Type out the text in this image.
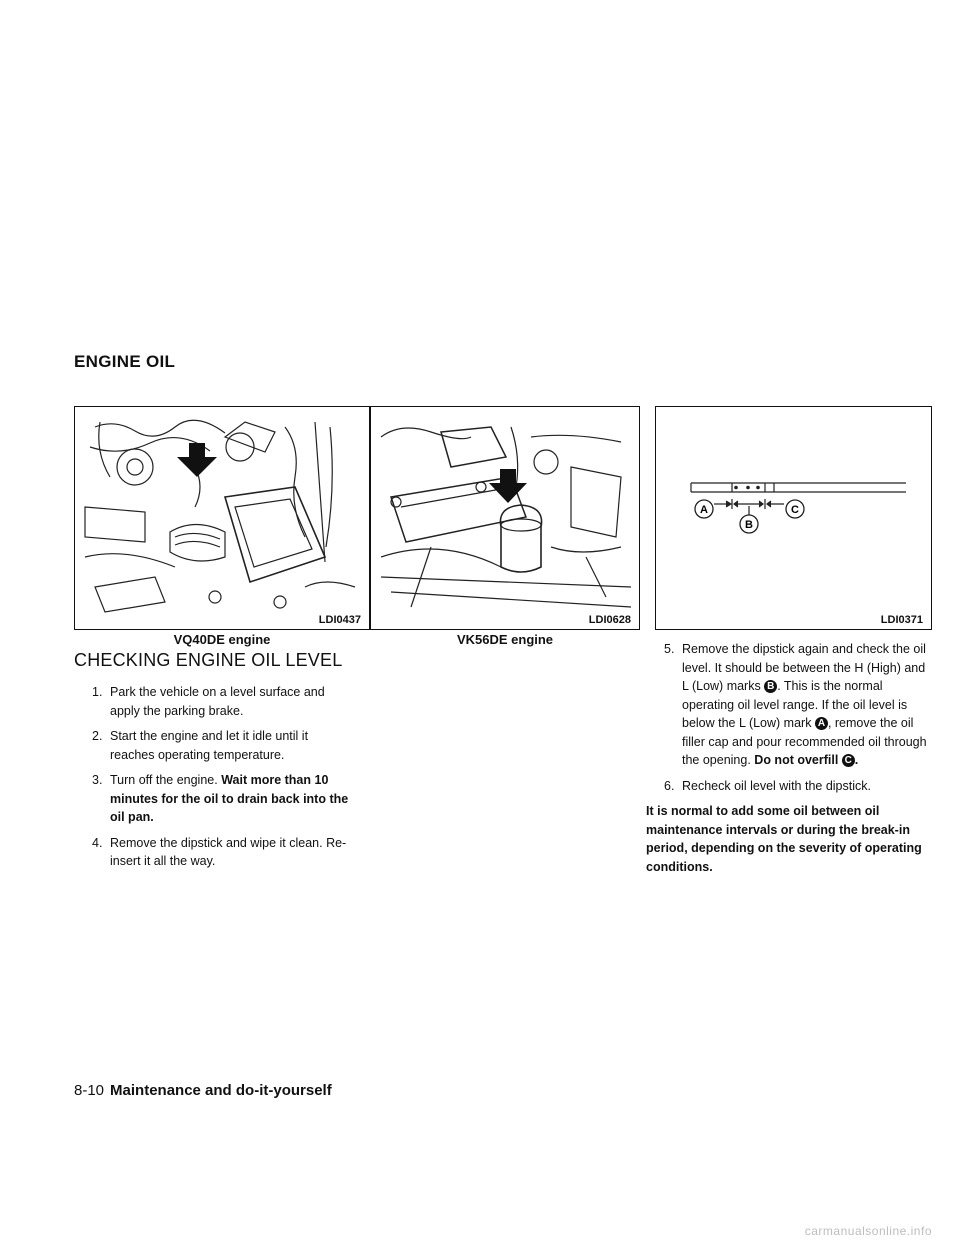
ENGINE OIL
LDI0437
VQ40DE engine
LDI0628
VK56DE engine
A
B
C
LDI0371
CHECKING ENGINE OIL LEVEL
1. Park the vehicle on a level surface and apply the parking brake.
2. Start the engine and let it idle until it reaches operating temperature.
3. Turn off the engine. Wait more than 10 minutes for the oil to drain back into the oil pan.
4. Remove the dipstick and wipe it clean. Re-insert it all the way.
5. Remove the dipstick again and check the oil level. It should be between the H (High) and L (Low) marks B . This is the normal operating oil level range. If the oil level is below the L (Low) mark A , remove the oil filler cap and pour recommended oil through the opening. Do not overfill C .
6. Recheck oil level with the dipstick.
It is normal to add some oil between oil maintenance intervals or during the break-in period, depending on the severity of operating conditions.
8-10 Maintenance and do-it-yourself
carmanualsonline.info
